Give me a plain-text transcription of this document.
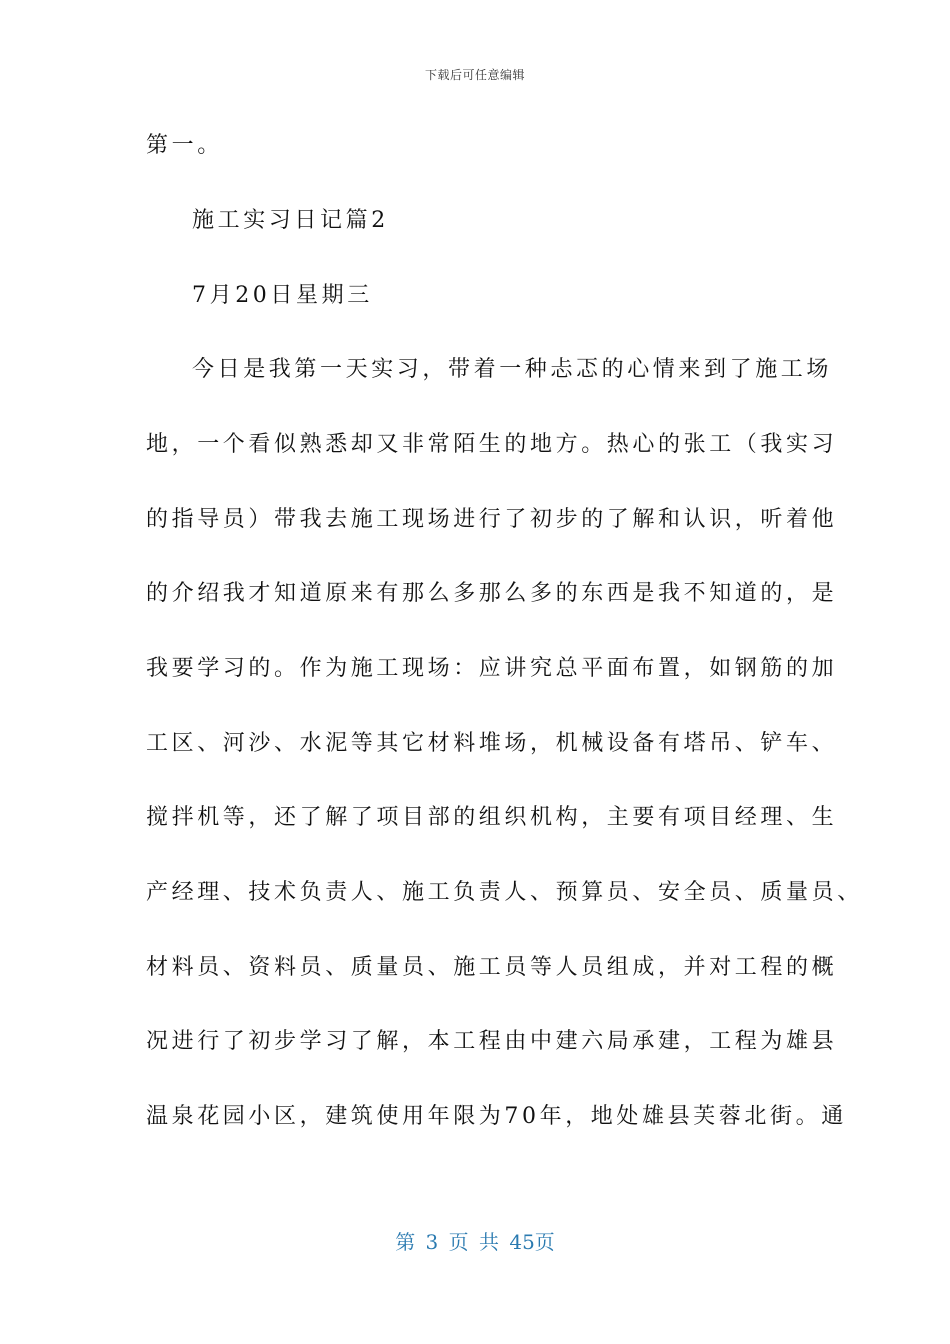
下载后可任意编辑
第一。
施工实习日记篇2
7月20日星期三
今日是我第一天实习，带着一种忐忑的心情来到了施工场
地，一个看似熟悉却又非常陌生的地方。热心的张工（我实习
的指导员）带我去施工现场进行了初步的了解和认识，听着他
的介绍我才知道原来有那么多那么多的东西是我不知道的，是
我要学习的。作为施工现场：应讲究总平面布置，如钢筋的加
工区、河沙、水泥等其它材料堆场，机械设备有塔吊、铲车、
搅拌机等，还了解了项目部的组织机构，主要有项目经理、生
产经理、技术负责人、施工负责人、预算员、安全员、质量员、
材料员、资料员、质量员、施工员等人员组成，并对工程的概
况进行了初步学习了解，本工程由中建六局承建，工程为雄县
温泉花园小区，建筑使用年限为70年，地处雄县芙蓉北街。通
第 3 页 共 45页
